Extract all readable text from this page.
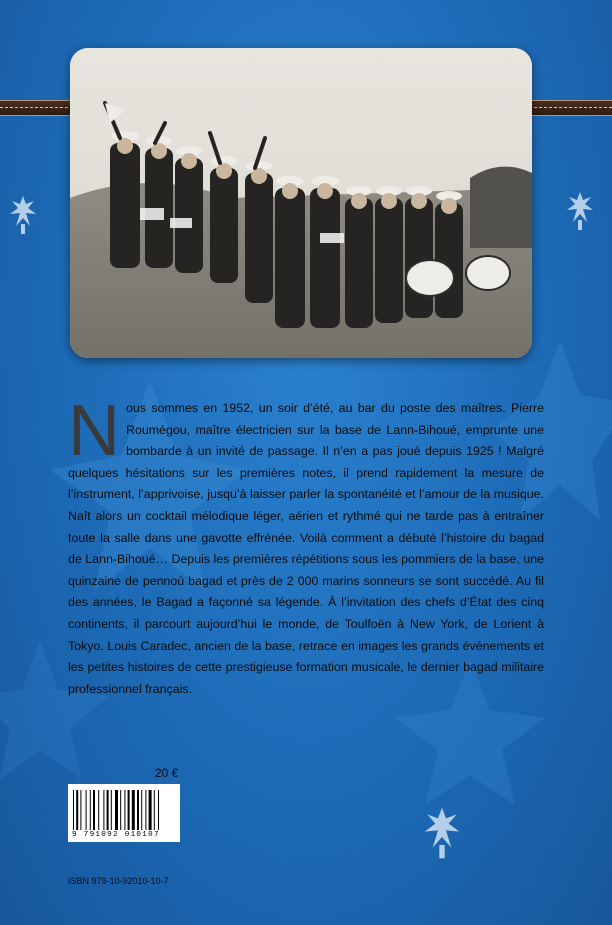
Nous sommes en 1952, un soir d’été, au bar du poste des maîtres. Pierre Roumégou, maître électricien sur la base de Lann-Bihoué, emprunte une bombarde à un invité de passage. Il n’en a pas joué depuis 1925 ! Malgré quelques hésitations sur les premières notes, il prend rapidement la mesure de l’instrument, l’apprivoise, jusqu’à laisser parler la spontanéité et l’amour de la musique. Naît alors un cocktail mélodique léger, aérien et rythmé qui ne tarde pas à entraîner toute la salle dans une gavotte effrénée. Voilà comment a débuté l’histoire du bagad de Lann-Bihoué… Depuis les premières répétitions sous les pommiers de la base, une quinzaine de pennoù bagad et près de 2 000 marins sonneurs se sont succédé. Au fil des années, le Bagad a façonné sa légende. À l’invitation des chefs d’État des cinq continents, il parcourt aujourd’hui le monde, de Toulfoën à New York, de Lorient à Tokyo. Louis Caradec, ancien de la base, retrace en images les grands événements et les petites histoires de cette prestigieuse formation musicale, le dernier bagad militaire professionnel français.
20 €
9 791092 010107
ISBN 979-10-92010-10-7
